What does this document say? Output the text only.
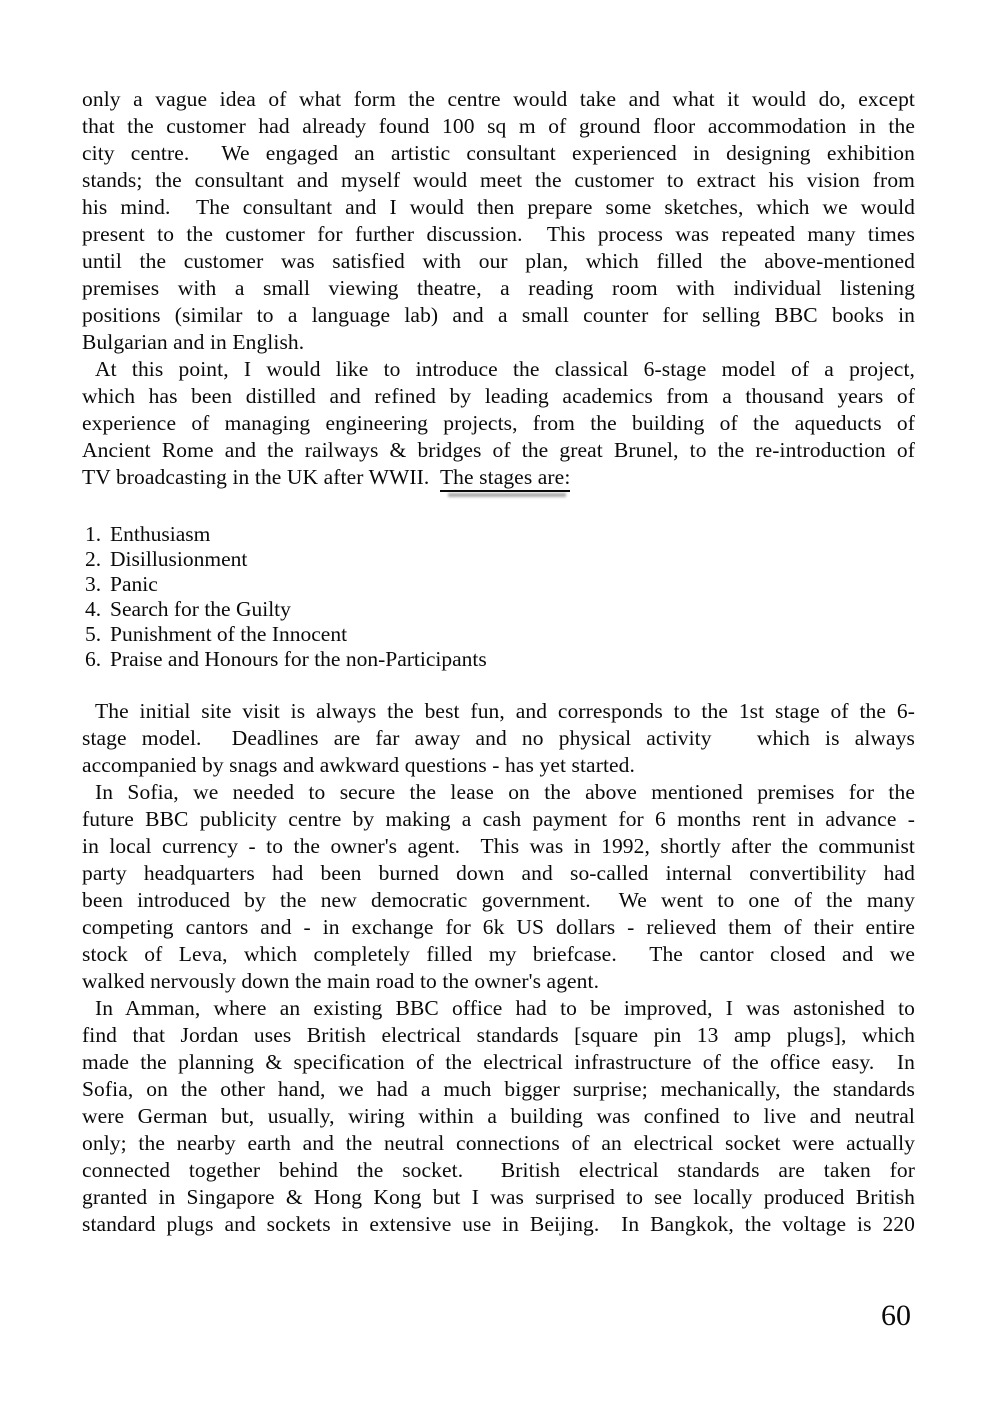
only a vague idea of what form the centre would take and what it would do, except
that the customer had already found 100 sq m of ground floor accommodation in the
city centre.  We engaged an artistic consultant experienced in designing exhibition
stands; the consultant and myself would meet the customer to extract his vision from
his mind.  The consultant and I would then prepare some sketches, which we would
present to the customer for further discussion.  This process was repeated many times
until the customer was satisfied with our plan, which filled the above-mentioned
premises with a small viewing theatre, a reading room with individual listening
positions (similar to a language lab) and a small counter for selling BBC books in
Bulgarian and in English.
At this point, I would like to introduce the classical 6-stage model of a project,
which has been distilled and refined by leading academics from a thousand years of
experience of managing engineering projects, from the building of the aqueducts of
Ancient Rome and the railways & bridges of the great Brunel, to the re-introduction of
TV broadcasting in the UK after WWII.  The stages are:
1. Enthusiasm
2. Disillusionment
3. Panic
4. Search for the Guilty
5. Punishment of the Innocent
6. Praise and Honours for the non-Participants
The initial site visit is always the best fun, and corresponds to the 1st stage of the 6-
stage model.  Deadlines are far away and no physical activity   which is always
accompanied by snags and awkward questions - has yet started.
In Sofia, we needed to secure the lease on the above mentioned premises for the
future BBC publicity centre by making a cash payment for 6 months rent in advance -
in local currency - to the owner's agent.  This was in 1992, shortly after the communist
party headquarters had been burned down and so-called internal convertibility had
been introduced by the new democratic government.  We went to one of the many
competing cantors and - in exchange for 6k US dollars - relieved them of their entire
stock of Leva, which completely filled my briefcase.  The cantor closed and we
walked nervously down the main road to the owner's agent.
In Amman, where an existing BBC office had to be improved, I was astonished to
find that Jordan uses British electrical standards [square pin 13 amp plugs], which
made the planning & specification of the electrical infrastructure of the office easy.  In
Sofia, on the other hand, we had a much bigger surprise; mechanically, the standards
were German but, usually, wiring within a building was confined to live and neutral
only; the nearby earth and the neutral connections of an electrical socket were actually
connected together behind the socket.  British electrical standards are taken for
granted in Singapore & Hong Kong but I was surprised to see locally produced British
standard plugs and sockets in extensive use in Beijing.  In Bangkok, the voltage is 220
60
